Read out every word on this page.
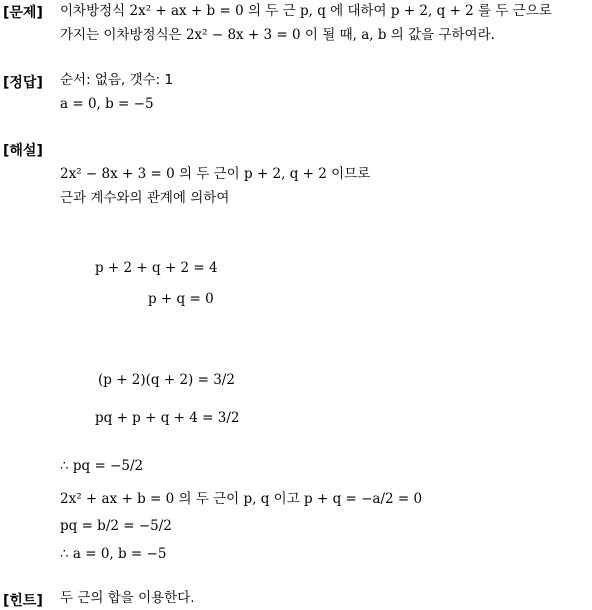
[문제]
[정답]
[해설]
[힌트]
이차방정식 2x² + ax + b = 0 의 두 근 p, q 에 대하여 p + 2, q + 2 를 두 근으로
가지는 이차방정식은 2x² − 8x + 3 = 0 이 될 때, a, b 의 값을 구하여라.
순서: 없음, 갯수: 1
a = 0, b = −5
2x² − 8x + 3 = 0 의 두 근이 p + 2, q + 2 이므로
근과 계수와의 관계에 의하여
p + 2 + q + 2 = 4
p + q = 0
(p + 2)(q + 2) = 3/2
pq + p + q + 4 = 3/2
∴ pq = −5/2
2x² + ax + b = 0 의 두 근이 p, q 이고 p + q = −a/2 = 0
pq = b/2 = −5/2
∴ a = 0, b = −5
두 근의 합을 이용한다.
